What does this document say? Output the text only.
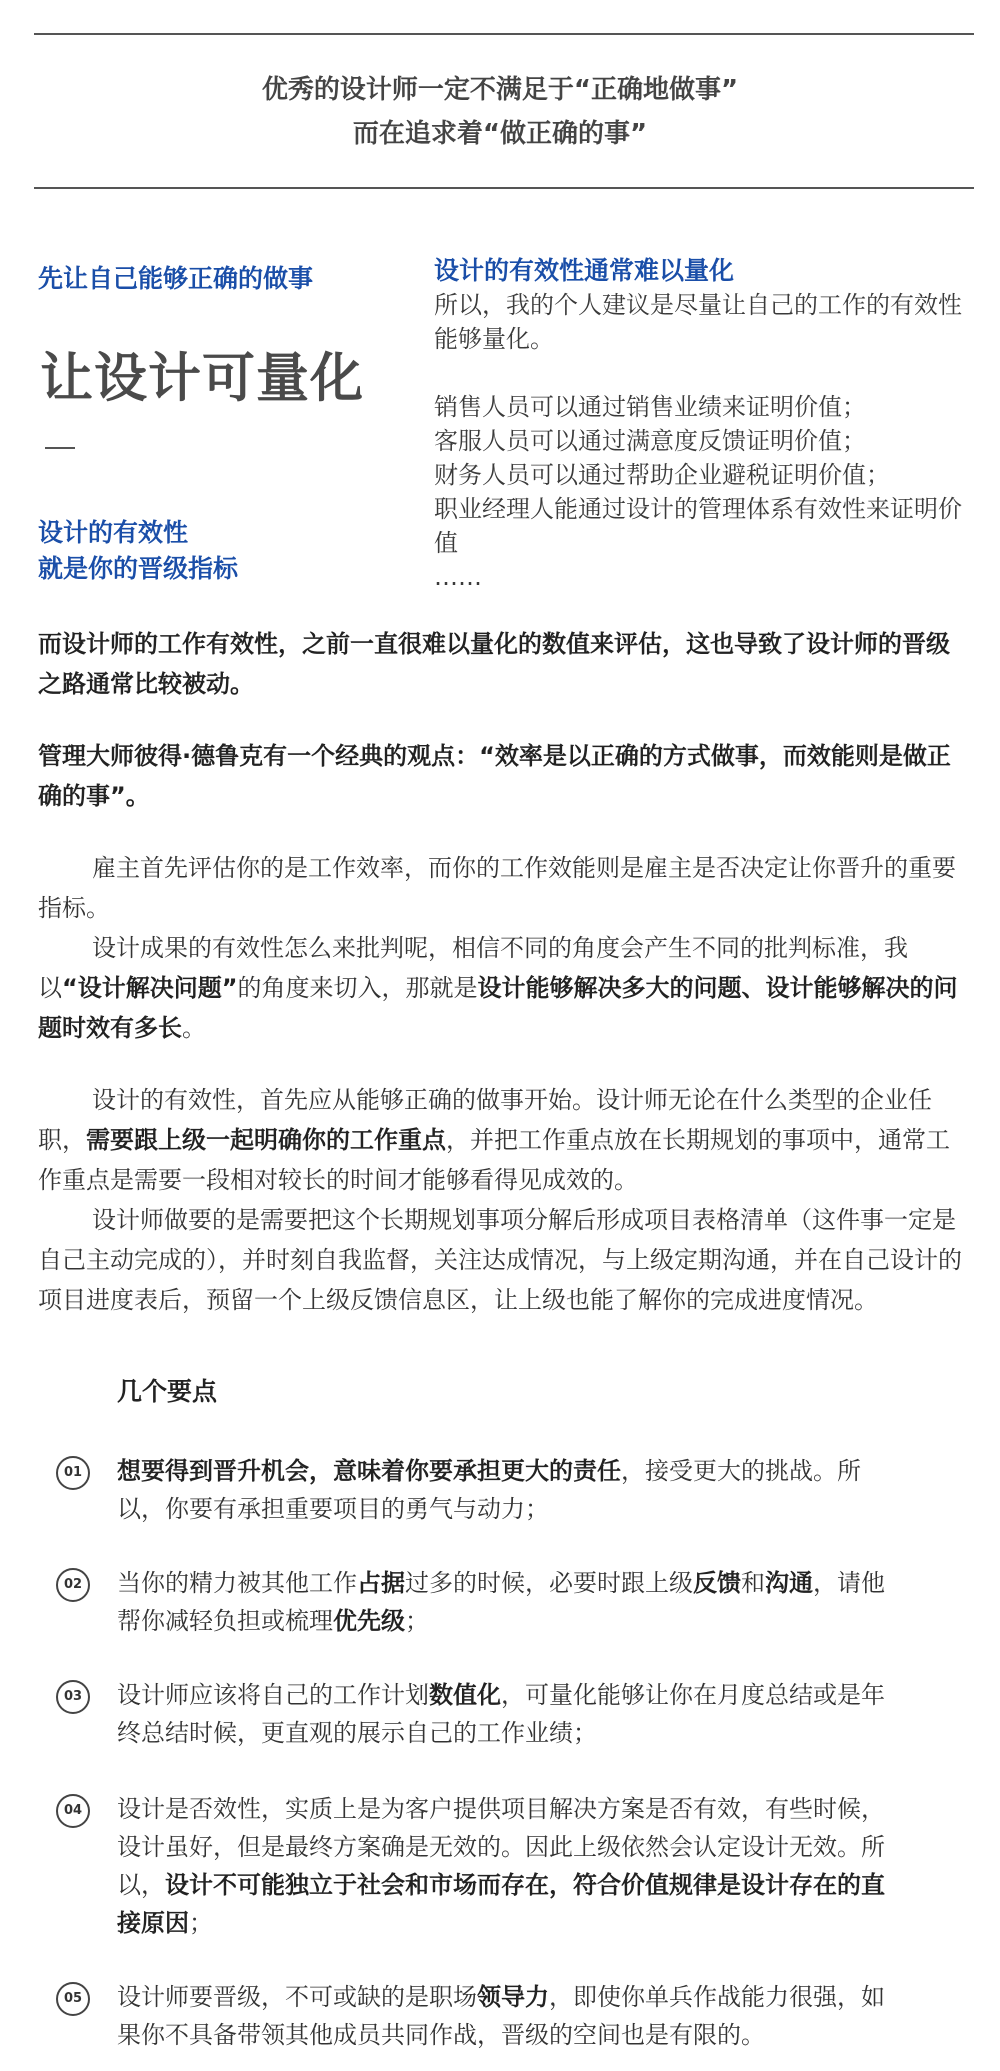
优秀的设计师一定不满足于“正确地做事”
而在追求着“做正确的事”
先让自己能够正确的做事
让设计可量化
设计的有效性
就是你的晋级指标
设计的有效性通常难以量化
所以，我的个人建议是尽量让自己的工作的有效性能够量化。
销售人员可以通过销售业绩来证明价值；
客服人员可以通过满意度反馈证明价值；
财务人员可以通过帮助企业避税证明价值；
职业经理人能通过设计的管理体系有效性来证明价值
……
而设计师的工作有效性，之前一直很难以量化的数值来评估，这也导致了设计师的晋级之路通常比较被动。
管理大师彼得·德鲁克有一个经典的观点：“效率是以正确的方式做事，而效能则是做正确的事”。
雇主首先评估你的是工作效率，而你的工作效能则是雇主是否决定让你晋升的重要指标。
设计成果的有效性怎么来批判呢，相信不同的角度会产生不同的批判标准，我以“设计解决问题”的角度来切入，那就是设计能够解决多大的问题、设计能够解决的问题时效有多长。
设计的有效性，首先应从能够正确的做事开始。设计师无论在什么类型的企业任职，需要跟上级一起明确你的工作重点，并把工作重点放在长期规划的事项中，通常工作重点是需要一段相对较长的时间才能够看得见成效的。
设计师做要的是需要把这个长期规划事项分解后形成项目表格清单（这件事一定是自己主动完成的），并时刻自我监督，关注达成情况，与上级定期沟通，并在自己设计的项目进度表后，预留一个上级反馈信息区，让上级也能了解你的完成进度情况。
几个要点
01	想要得到晋升机会，意味着你要承担更大的责任，接受更大的挑战。所以，你要有承担重要项目的勇气与动力；
02	当你的精力被其他工作占据过多的时候，必要时跟上级反馈和沟通，请他帮你减轻负担或梳理优先级；
03	设计师应该将自己的工作计划数值化，可量化能够让你在月度总结或是年终总结时候，更直观的展示自己的工作业绩；
04	设计是否效性，实质上是为客户提供项目解决方案是否有效，有些时候，设计虽好，但是最终方案确是无效的。因此上级依然会认定设计无效。所以，设计不可能独立于社会和市场而存在，符合价值规律是设计存在的直接原因；
05	设计师要晋级，不可或缺的是职场领导力，即使你单兵作战能力很强，如果你不具备带领其他成员共同作战，晋级的空间也是有限的。
